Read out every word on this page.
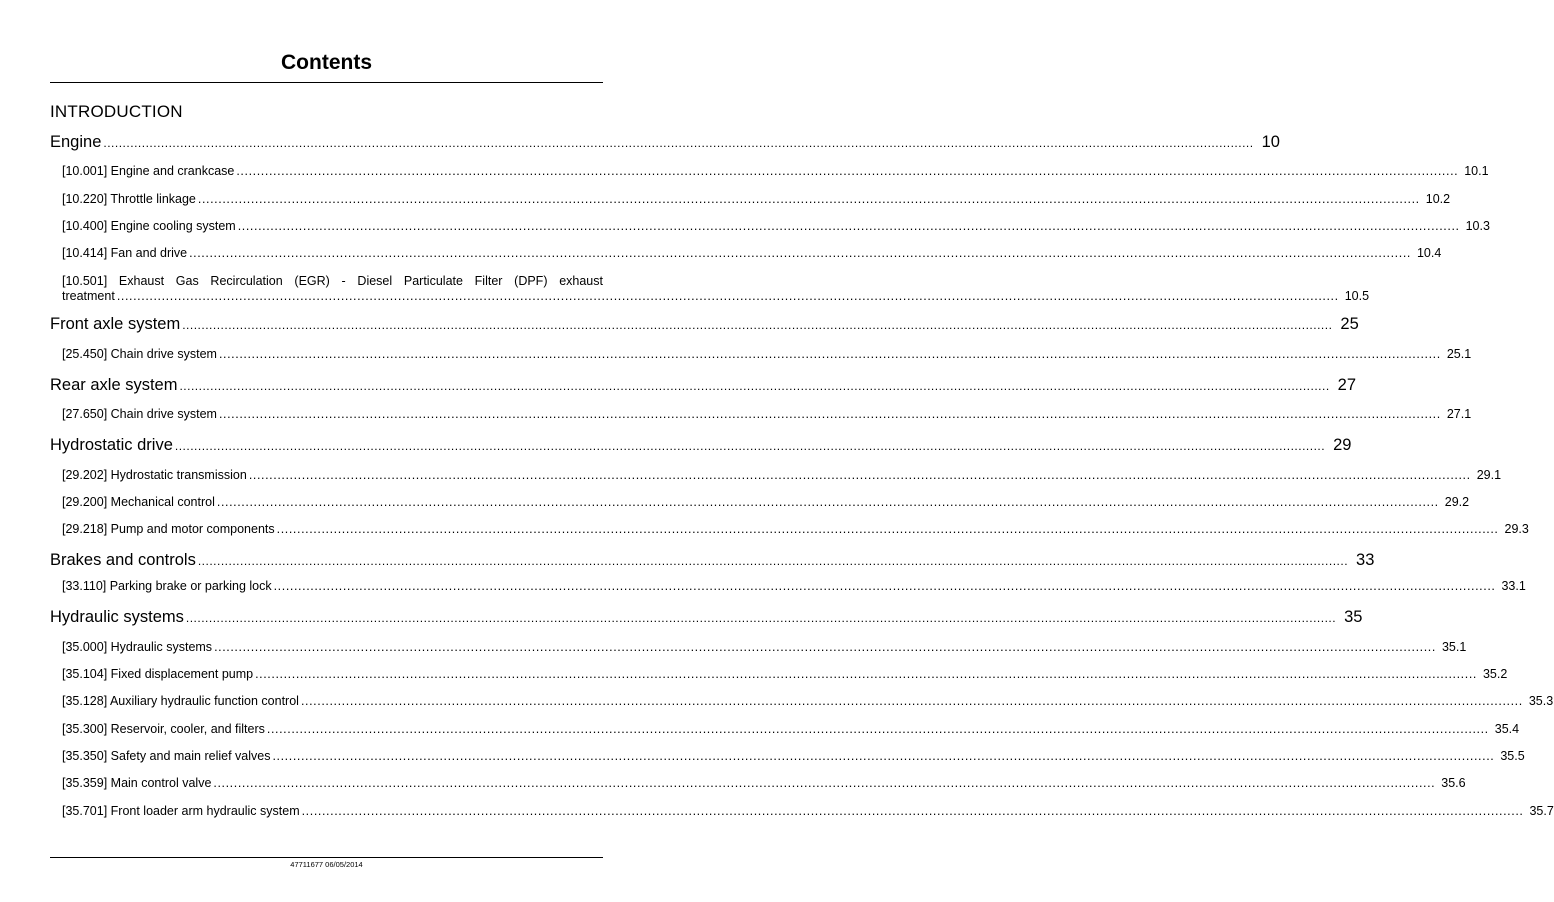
Contents
INTRODUCTION
Engine ............................................................................................................................................................................................................................................................................................................ 10
[10.001] Engine and crankcase ............................................................................................................................................................................................................................................................................................................ 10.1
[10.220] Throttle linkage ............................................................................................................................................................................................................................................................................................................ 10.2
[10.400] Engine cooling system ............................................................................................................................................................................................................................................................................................................ 10.3
[10.414] Fan and drive ............................................................................................................................................................................................................................................................................................................ 10.4
[10.501] Exhaust Gas Recirculation (EGR) - Diesel Particulate Filter (DPF) exhaust
treatment ............................................................................................................................................................................................................................................................................................................ 10.5
Front axle system ............................................................................................................................................................................................................................................................................................................ 25
[25.450] Chain drive system ............................................................................................................................................................................................................................................................................................................ 25.1
Rear axle system ............................................................................................................................................................................................................................................................................................................ 27
[27.650] Chain drive system ............................................................................................................................................................................................................................................................................................................ 27.1
Hydrostatic drive ............................................................................................................................................................................................................................................................................................................ 29
[29.202] Hydrostatic transmission ............................................................................................................................................................................................................................................................................................................ 29.1
[29.200] Mechanical control ............................................................................................................................................................................................................................................................................................................ 29.2
[29.218] Pump and motor components ............................................................................................................................................................................................................................................................................................................ 29.3
Brakes and controls ............................................................................................................................................................................................................................................................................................................ 33
[33.110] Parking brake or parking lock ............................................................................................................................................................................................................................................................................................................ 33.1
Hydraulic systems ............................................................................................................................................................................................................................................................................................................ 35
[35.000] Hydraulic systems ............................................................................................................................................................................................................................................................................................................ 35.1
[35.104] Fixed displacement pump ............................................................................................................................................................................................................................................................................................................ 35.2
[35.128] Auxiliary hydraulic function control ............................................................................................................................................................................................................................................................................................................ 35.3
[35.300] Reservoir, cooler, and filters ............................................................................................................................................................................................................................................................................................................ 35.4
[35.350] Safety and main relief valves ............................................................................................................................................................................................................................................................................................................ 35.5
[35.359] Main control valve ............................................................................................................................................................................................................................................................................................................ 35.6
[35.701] Front loader arm hydraulic system ............................................................................................................................................................................................................................................................................................................ 35.7
47711677 06/05/2014
